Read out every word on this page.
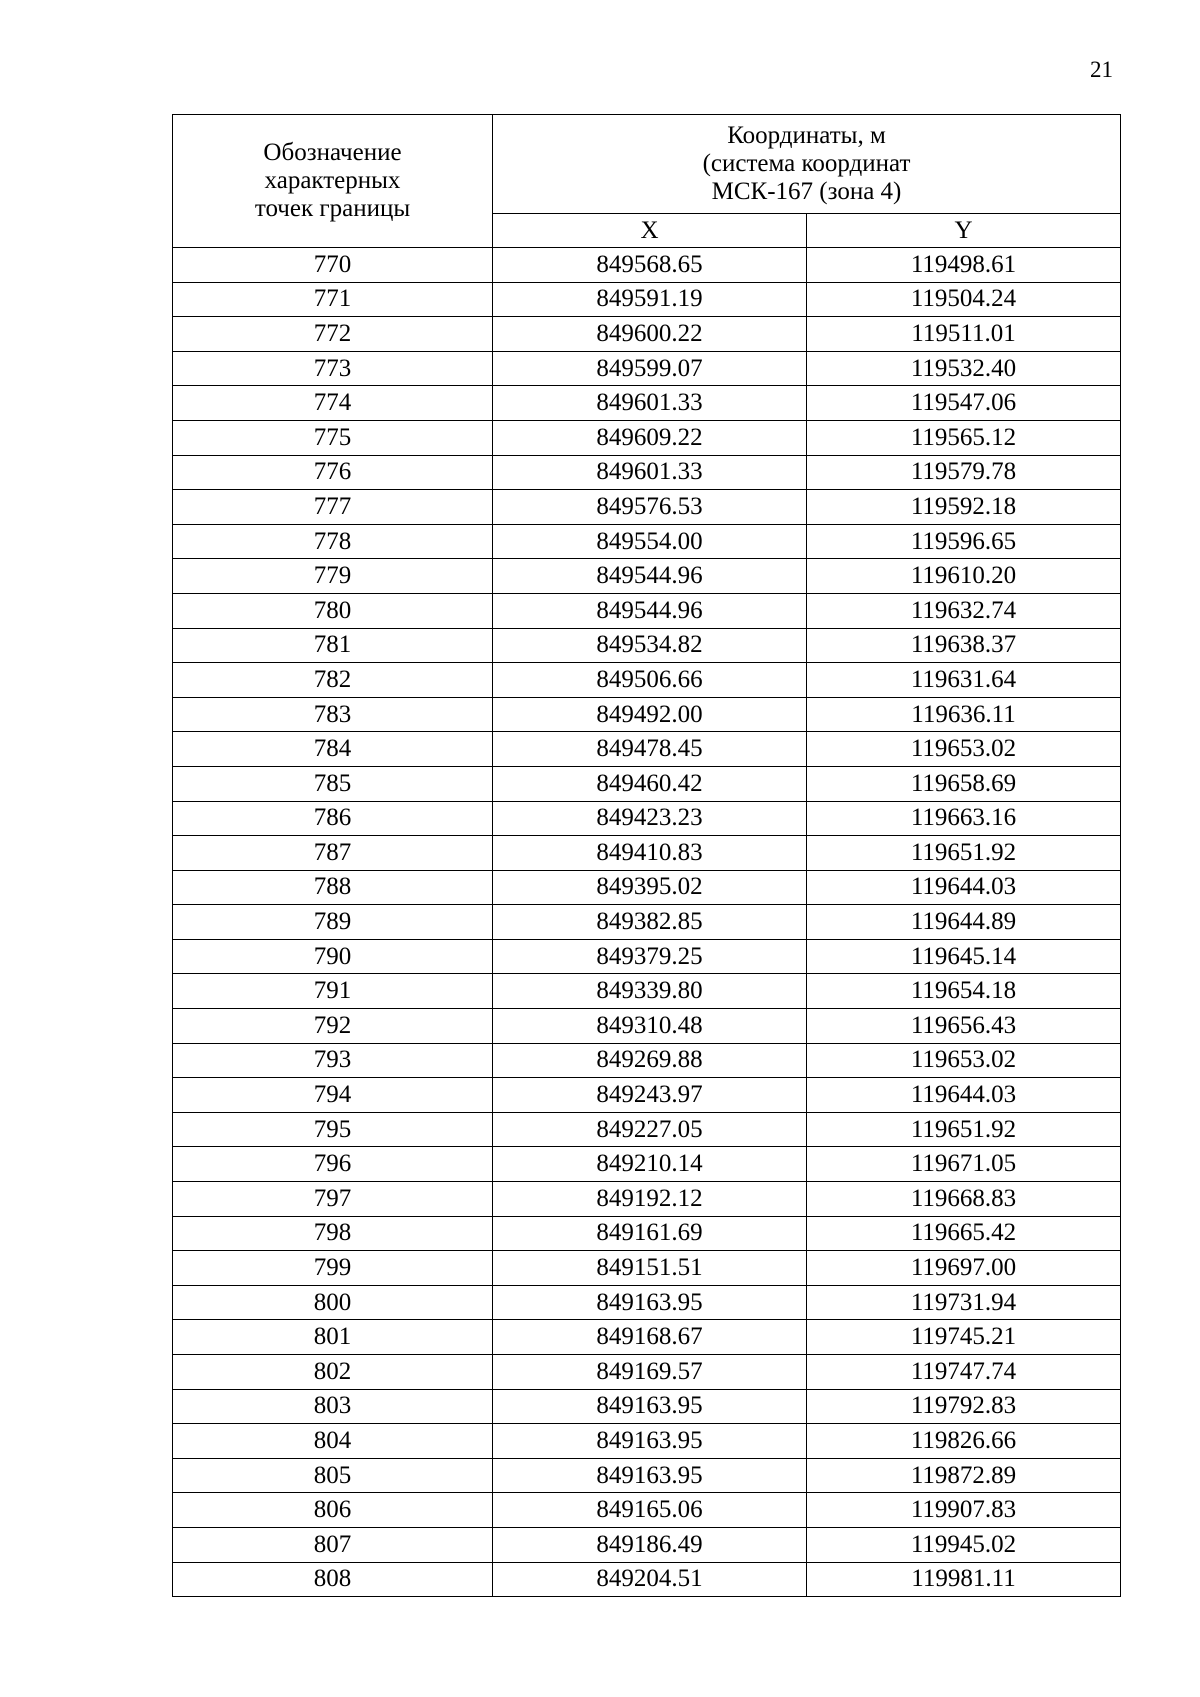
21
Обозначение
характерных
точек границы	Координаты, м
(система координат
МСК-167 (зона 4)	

	X	Y
770	849568.65	119498.61
771	849591.19	119504.24
772	849600.22	119511.01
773	849599.07	119532.40
774	849601.33	119547.06
775	849609.22	119565.12
776	849601.33	119579.78
777	849576.53	119592.18
778	849554.00	119596.65
779	849544.96	119610.20
780	849544.96	119632.74
781	849534.82	119638.37
782	849506.66	119631.64
783	849492.00	119636.11
784	849478.45	119653.02
785	849460.42	119658.69
786	849423.23	119663.16
787	849410.83	119651.92
788	849395.02	119644.03
789	849382.85	119644.89
790	849379.25	119645.14
791	849339.80	119654.18
792	849310.48	119656.43
793	849269.88	119653.02
794	849243.97	119644.03
795	849227.05	119651.92
796	849210.14	119671.05
797	849192.12	119668.83
798	849161.69	119665.42
799	849151.51	119697.00
800	849163.95	119731.94
801	849168.67	119745.21
802	849169.57	119747.74
803	849163.95	119792.83
804	849163.95	119826.66
805	849163.95	119872.89
806	849165.06	119907.83
807	849186.49	119945.02
808	849204.51	119981.11
